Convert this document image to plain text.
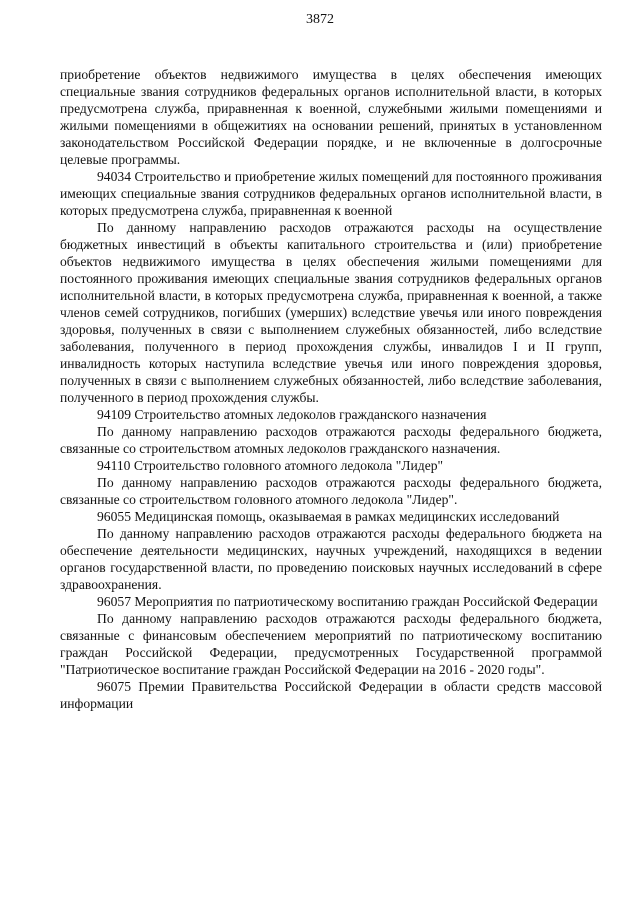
3872

приобретение объектов недвижимого имущества в целях обеспечения имеющих специальные звания сотрудников федеральных органов исполнительной власти, в которых предусмотрена служба, приравненная к военной, служебными жилыми помещениями и жилыми помещениями в общежитиях на основании решений, принятых в установленном законодательством Российской Федерации порядке, и не включенные в долгосрочные целевые программы.

94034 Строительство и приобретение жилых помещений для постоянного проживания имеющих специальные звания сотрудников федеральных органов исполнительной власти, в которых предусмотрена служба, приравненная к военной

По данному направлению расходов отражаются расходы на осуществление бюджетных инвестиций в объекты капитального строительства и (или) приобретение объектов недвижимого имущества в целях обеспечения жилыми помещениями для постоянного проживания имеющих специальные звания сотрудников федеральных органов исполнительной власти, в которых предусмотрена служба, приравненная к военной, а также членов семей сотрудников, погибших (умерших) вследствие увечья или иного повреждения здоровья, полученных в связи с выполнением служебных обязанностей, либо вследствие заболевания, полученного в период прохождения службы, инвалидов I и II групп, инвалидность которых наступила вследствие увечья или иного повреждения здоровья, полученных в связи с выполнением служебных обязанностей, либо вследствие заболевания, полученного в период прохождения службы.

94109 Строительство атомных ледоколов гражданского назначения

По данному направлению расходов отражаются расходы федерального бюджета, связанные со строительством атомных ледоколов гражданского назначения.

94110 Строительство головного атомного ледокола "Лидер"

По данному направлению расходов отражаются расходы федерального бюджета, связанные со строительством головного атомного ледокола "Лидер".

96055 Медицинская помощь, оказываемая в рамках медицинских исследований

По данному направлению расходов отражаются расходы федерального бюджета на обеспечение деятельности медицинских, научных учреждений, находящихся в ведении органов государственной власти, по проведению поисковых научных исследований в сфере здравоохранения.

96057 Мероприятия по патриотическому воспитанию граждан Российской Федерации

По данному направлению расходов отражаются расходы федерального бюджета, связанные с финансовым обеспечением мероприятий по патриотическому воспитанию граждан Российской Федерации, предусмотренных Государственной программой "Патриотическое воспитание граждан Российской Федерации на 2016 - 2020 годы".

96075 Премии Правительства Российской Федерации в области средств массовой информации
